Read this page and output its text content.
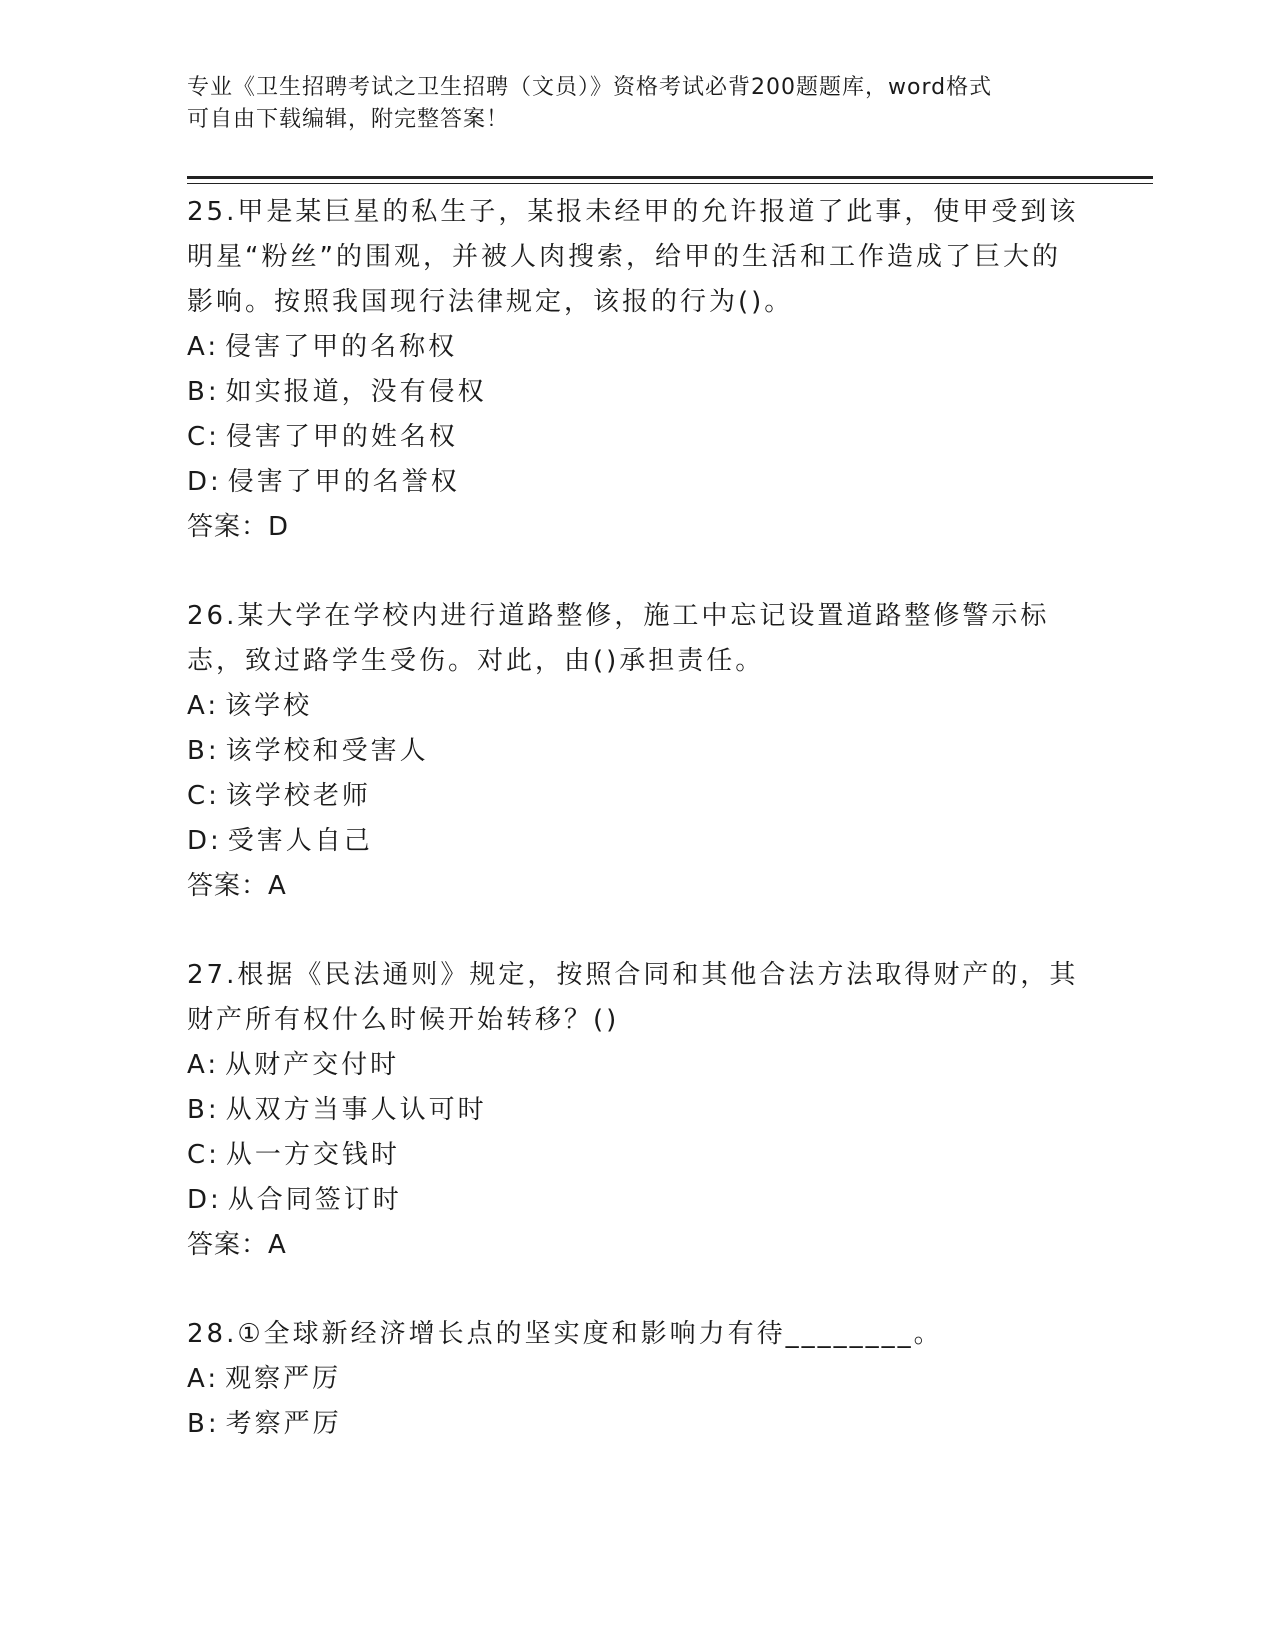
专业《卫生招聘考试之卫生招聘（文员）》资格考试必背200题题库，word格式
可自由下载编辑，附完整答案！

25.甲是某巨星的私生子，某报未经甲的允许报道了此事，使甲受到该明星“粉丝”的围观，并被人肉搜索，给甲的生活和工作造成了巨大的影响。按照我国现行法律规定，该报的行为()。

A: 侵害了甲的名称权

B: 如实报道，没有侵权

C: 侵害了甲的姓名权

D: 侵害了甲的名誉权

答案：D

26.某大学在学校内进行道路整修，施工中忘记设置道路整修警示标志，致过路学生受伤。对此，由()承担责任。

A: 该学校

B: 该学校和受害人

C: 该学校老师

D: 受害人自己

答案：A

27.根据《民法通则》规定，按照合同和其他合法方法取得财产的，其财产所有权什么时候开始转移？()

A: 从财产交付时

B: 从双方当事人认可时

C: 从一方交钱时

D: 从合同签订时

答案：A

28.①全球新经济增长点的坚实度和影响力有待________。

A: 观察严厉

B: 考察严厉
